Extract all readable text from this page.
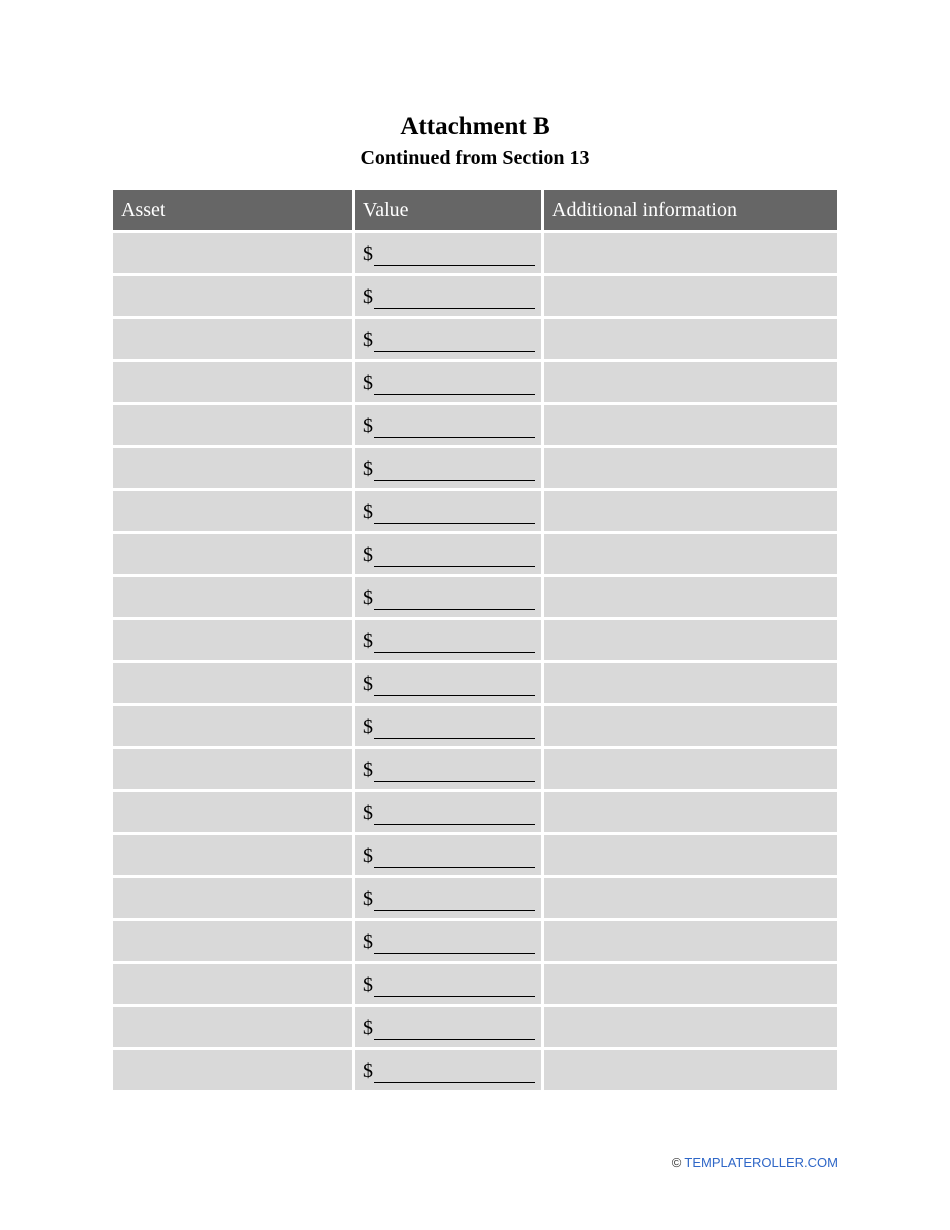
Attachment B
Continued from Section 13
Asset	Value	Additional information
$
$
$
$
$
$
$
$
$
$
$
$
$
$
$
$
$
$
$
$
© TEMPLATEROLLER.COM
